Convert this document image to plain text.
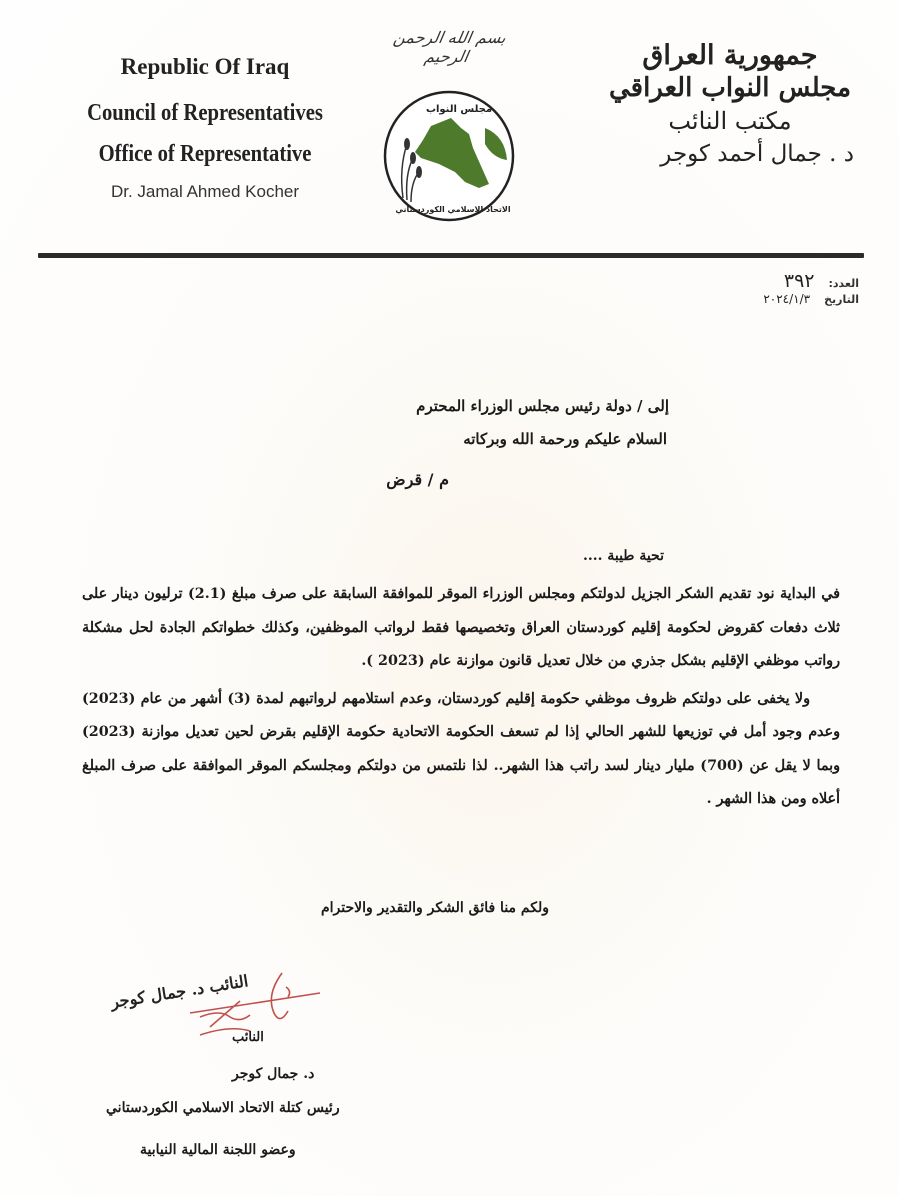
Republic Of Iraq
Council of Representatives
Office of Representative
Dr. Jamal Ahmed Kocher
بسم الله الرحمن الرحيم
مجلس النواب
الاتحاد الاسلامي الكوردستاني
جمهورية العراق
مجلس النواب العراقي
مكتب النائب
د . جمال أحمد كوجر
العدد:
٣٩٢
التاريخ
٢٠٢٤/١/٣
إلى / دولة رئيس مجلس الوزراء المحترم
السلام عليكم ورحمة الله وبركاته
م / قرض
تحية طيبة ....

في البداية نود تقديم الشكر الجزيل لدولتكم ومجلس الوزراء الموقر للموافقة السابقة على صرف مبلغ (2.1) ترليون دينار على ثلاث دفعات كقروض لحكومة إقليم كوردستان العراق وتخصيصها فقط لرواتب الموظفين، وكذلك خطواتكم الجادة لحل مشكلة رواتب موظفي الإقليم بشكل جذري من خلال تعديل قانون موازنة عام (2023 ).

ولا يخفى على دولتكم ظروف موظفي حكومة إقليم كوردستان، وعدم استلامهم لرواتبهم لمدة (3) أشهر من عام (2023) وعدم وجود أمل في توزيعها للشهر الحالي إذا لم تسعف الحكومة الاتحادية حكومة الإقليم بقرض لحين تعديل موازنة (2023) وبما لا يقل عن (700) مليار دينار لسد راتب هذا الشهر.. لذا نلتمس من دولتكم ومجلسكم الموقر الموافقة على صرف المبلغ أعلاه ومن هذا الشهر .

ولكم منا فائق الشكر والتقدير والاحترام
النائب د. جمال كوجر
النائب
د. جمال كوجر
رئيس كتلة الاتحاد الاسلامي الكوردستاني
وعضو اللجنة المالية النيابية
